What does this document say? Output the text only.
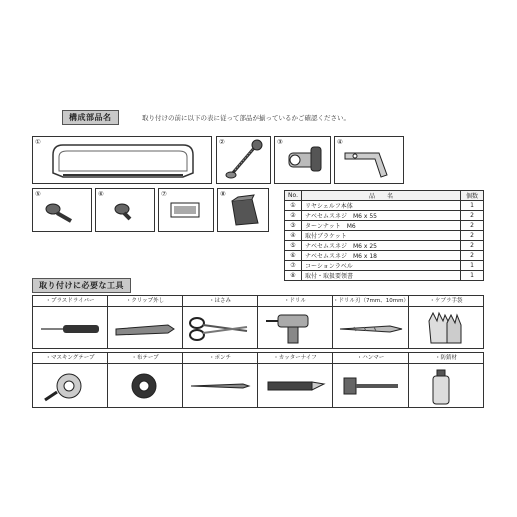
構成部品名	取り付けの前に以下の表に従って部品が揃っているかご確認ください。
①	②	③	④
⑤	⑥	⑦	⑧	No.	品　　名	個数
①	リヤシェルフ本体	1
②	ナベセムスネジ　M6 x 55	2
③	ターンナット　M6	2
④	取付ブラケット	2
⑤	ナベセムスネジ　M6 x 25	2
⑥	ナベセムスネジ　M6 x 18	2
⑦	コーションラベル	1
⑧	取付・取扱要領書	1
取り付けに必要な工具
・プラスドライバー	・クリップ外し	・はさみ	・ドリル	・ドリル刃（7mm、10mm）	・ケブラ手袋
・マスキングテープ	・布テープ	・ポンチ	・カッターナイフ	・ハンマー	・防錆材
